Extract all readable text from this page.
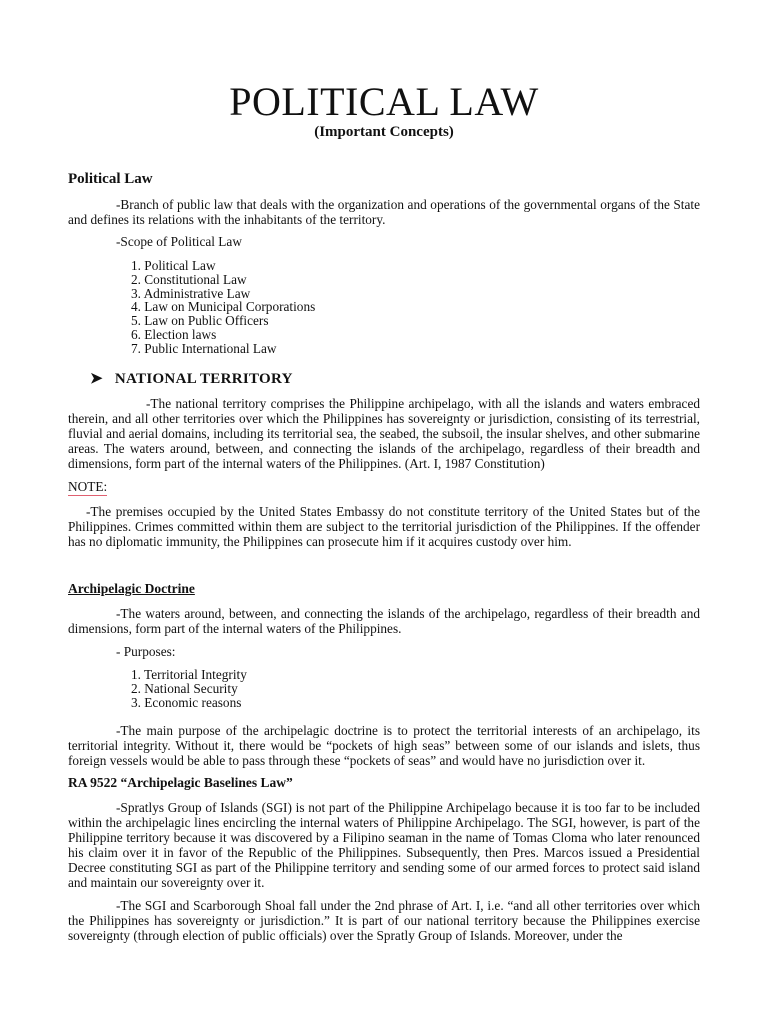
POLITICAL LAW
(Important Concepts)
Political Law

-Branch of public law that deals with the organization and operations of the governmental organs of the State and defines its relations with the inhabitants of the territory.

-Scope of Political Law
1. Political Law
2. Constitutional Law
3. Administrative Law
4. Law on Municipal Corporations
5. Law on Public Officers
6. Election laws
7. Public International Law
➤ NATIONAL TERRITORY

-The national territory comprises the Philippine archipelago, with all the islands and waters embraced therein, and all other territories over which the Philippines has sovereignty or jurisdiction, consisting of its terrestrial, fluvial and aerial domains, including its territorial sea, the seabed, the subsoil, the insular shelves, and other submarine areas. The waters around, between, and connecting the islands of the archipelago, regardless of their breadth and dimensions, form part of the internal waters of the Philippines. (Art. I, 1987 Constitution)

NOTE:

-The premises occupied by the United States Embassy do not constitute territory of the United States but of the Philippines. Crimes committed within them are subject to the territorial jurisdiction of the Philippines. If the offender has no diplomatic immunity, the Philippines can prosecute him if it acquires custody over him.

Archipelagic Doctrine

-The waters around, between, and connecting the islands of the archipelago, regardless of their breadth and dimensions, form part of the internal waters of the Philippines.

- Purposes:
1. Territorial Integrity
2. National Security
3. Economic reasons

-The main purpose of the archipelagic doctrine is to protect the territorial interests of an archipelago, its territorial integrity. Without it, there would be “pockets of high seas” between some of our islands and islets, thus foreign vessels would be able to pass through these “pockets of seas” and would have no jurisdiction over it.

RA 9522 “Archipelagic Baselines Law”

-Spratlys Group of Islands (SGI) is not part of the Philippine Archipelago because it is too far to be included within the archipelagic lines encircling the internal waters of Philippine Archipelago. The SGI, however, is part of the Philippine territory because it was discovered by a Filipino seaman in the name of Tomas Cloma who later renounced his claim over it in favor of the Republic of the Philippines. Subsequently, then Pres. Marcos issued a Presidential Decree constituting SGI as part of the Philippine territory and sending some of our armed forces to protect said island and maintain our sovereignty over it.

-The SGI and Scarborough Shoal fall under the 2nd phrase of Art. I, i.e. “and all other territories over which the Philippines has sovereignty or jurisdiction.” It is part of our national territory because the Philippines exercise sovereignty (through election of public officials) over the Spratly Group of Islands. Moreover, under the
